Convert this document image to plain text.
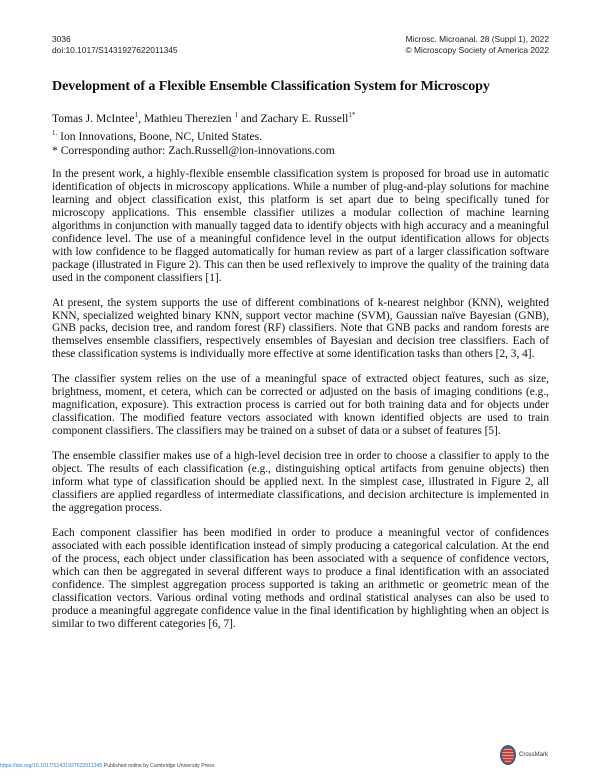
3036
doi:10.1017/S1431927622011345
Microsc. Microanal. 28 (Suppl 1), 2022
© Microscopy Society of America 2022
Development of a Flexible Ensemble Classification System for Microscopy
Tomas J. McIntee$^1$, Mathieu Therezien $^1$ and Zachary E. Russell$^{1*}$
$^{1.}$ Ion Innovations, Boone, NC, United States.
* Corresponding author: Zach.Russell@ion-innovations.com

In the present work, a highly-flexible ensemble classification system is proposed for broad use in automatic identification of objects in microscopy applications. While a number of plug-and-play solutions for machine learning and object classification exist, this platform is set apart due to being specifically tuned for microscopy applications. This ensemble classifier utilizes a modular collection of machine learning algorithms in conjunction with manually tagged data to identify objects with high accuracy and a meaningful confidence level. The use of a meaningful confidence level in the output identification allows for objects with low confidence to be flagged automatically for human review as part of a larger classification software package (illustrated in Figure 2). This can then be used reflexively to improve the quality of the training data used in the component classifiers [1].

At present, the system supports the use of different combinations of k-nearest neighbor (KNN), weighted KNN, specialized weighted binary KNN, support vector machine (SVM), Gaussian naïve Bayesian (GNB), GNB packs, decision tree, and random forest (RF) classifiers. Note that GNB packs and random forests are themselves ensemble classifiers, respectively ensembles of Bayesian and decision tree classifiers. Each of these classification systems is individually more effective at some identification tasks than others [2, 3, 4].

The classifier system relies on the use of a meaningful space of extracted object features, such as size, brightness, moment, et cetera, which can be corrected or adjusted on the basis of imaging conditions (e.g., magnification, exposure). This extraction process is carried out for both training data and for objects under classification. The modified feature vectors associated with known identified objects are used to train component classifiers. The classifiers may be trained on a subset of data or a subset of features [5].

The ensemble classifier makes use of a high-level decision tree in order to choose a classifier to apply to the object. The results of each classification (e.g., distinguishing optical artifacts from genuine objects) then inform what type of classification should be applied next. In the simplest case, illustrated in Figure 2, all classifiers are applied regardless of intermediate classifications, and decision architecture is implemented in the aggregation process.

Each component classifier has been modified in order to produce a meaningful vector of confidences associated with each possible identification instead of simply producing a categorical calculation. At the end of the process, each object under classification has been associated with a sequence of confidence vectors, which can then be aggregated in several different ways to produce a final identification with an associated confidence. The simplest aggregation process supported is taking an arithmetic or geometric mean of the classification vectors. Various ordinal voting methods and ordinal statistical analyses can also be used to produce a meaningful aggregate confidence value in the final identification by highlighting when an object is similar to two different categories [6, 7].

https://doi.org/10.1017/S1431927622011345 Published online by Cambridge University Press
CrossMark
